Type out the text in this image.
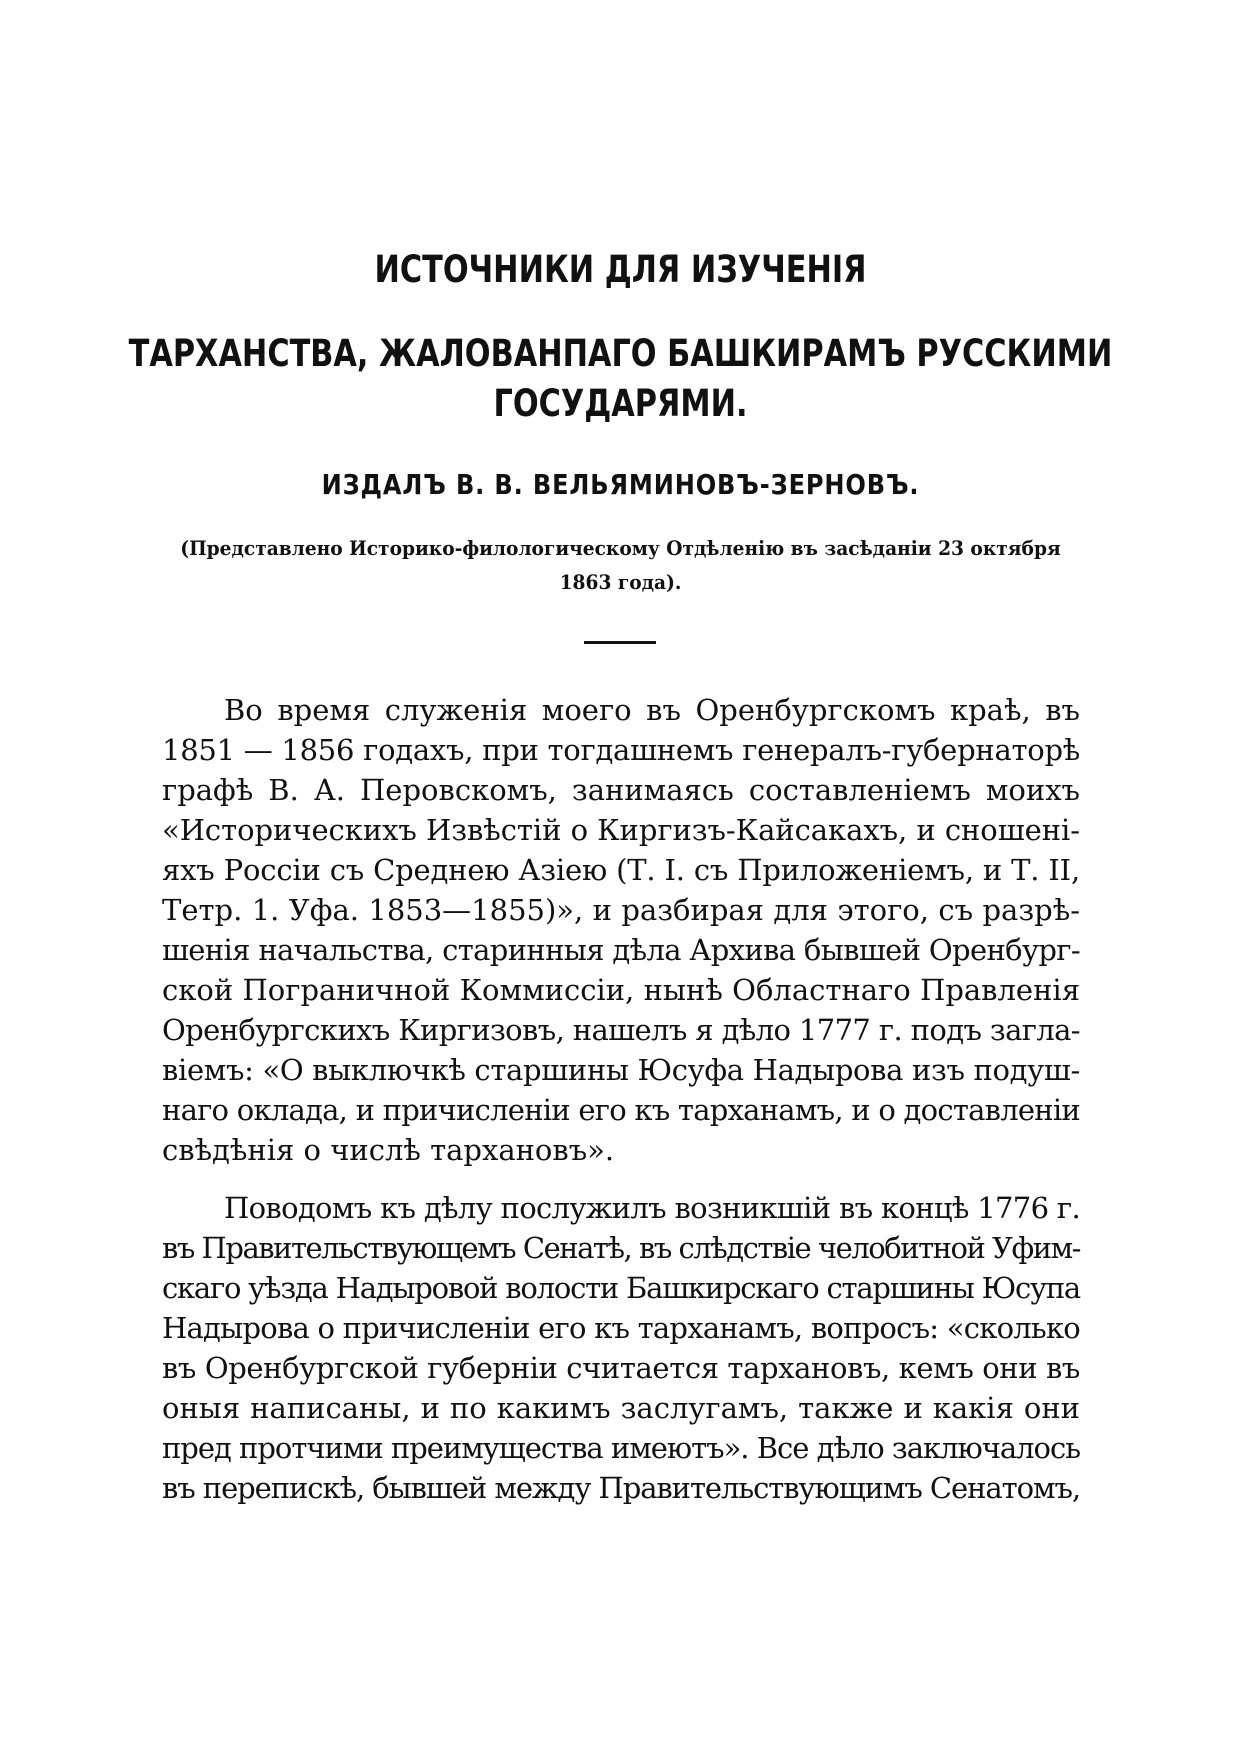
ИСТОЧНИКИ ДЛЯ ИЗУЧЕНІЯ
ТАРХАНСТВА, ЖАЛОВАНПАГО БАШКИРАМЪ РУССКИМИ
ГОСУДАРЯМИ.
ИЗДАЛЪ В. В. ВЕЛЬЯМИНОВЪ-ЗЕРНОВЪ.
(Представлено Историко-филологическому Отдѣленію въ засѣданіи 23 октября
1863 года).
Во время служенія моего въ Оренбургскомъ краѣ, въ
1851 — 1856 годахъ, при тогдашнемъ генералъ-губернаторѣ
графѣ В. А. Перовскомъ, занимаясь составленіемъ моихъ
«Историческихъ Извѣстій о Киргизъ-Кайсакахъ, и сношені-
яхъ Россіи съ Среднею Азіею (Т. I. съ Приложеніемъ, и Т. II,
Тетр. 1. Уфа. 1853—1855)», и разбирая для этого, съ разрѣ-
шенія начальства, старинныя дѣла Архива бывшей Оренбург-
ской Пограничной Коммиссіи, нынѣ Областнаго Правленія
Оренбургскихъ Киргизовъ, нашелъ я дѣло 1777 г. подъ загла-
віемъ: «О выключкѣ старшины Юсуфа Надырова изъ подуш-
наго оклада, и причисленіи его къ тарханамъ, и о доставленіи
свѣдѣнія о числѣ тархановъ».
Поводомъ къ дѣлу послужилъ возникшій въ концѣ 1776 г.
въ Правительствующемъ Сенатѣ, въ слѣдствіе челобитной Уфим-
скаго уѣзда Надыровой волости Башкирскаго старшины Юсупа
Надырова о причисленіи его къ тарханамъ, вопросъ: «сколько
въ Оренбургской губерніи считается тархановъ, кемъ они въ
оныя написаны, и по какимъ заслугамъ, также и какія они
пред протчими преимущества имеютъ». Все дѣло заключалось
въ перепискѣ, бывшей между Правительствующимъ Сенатомъ,
